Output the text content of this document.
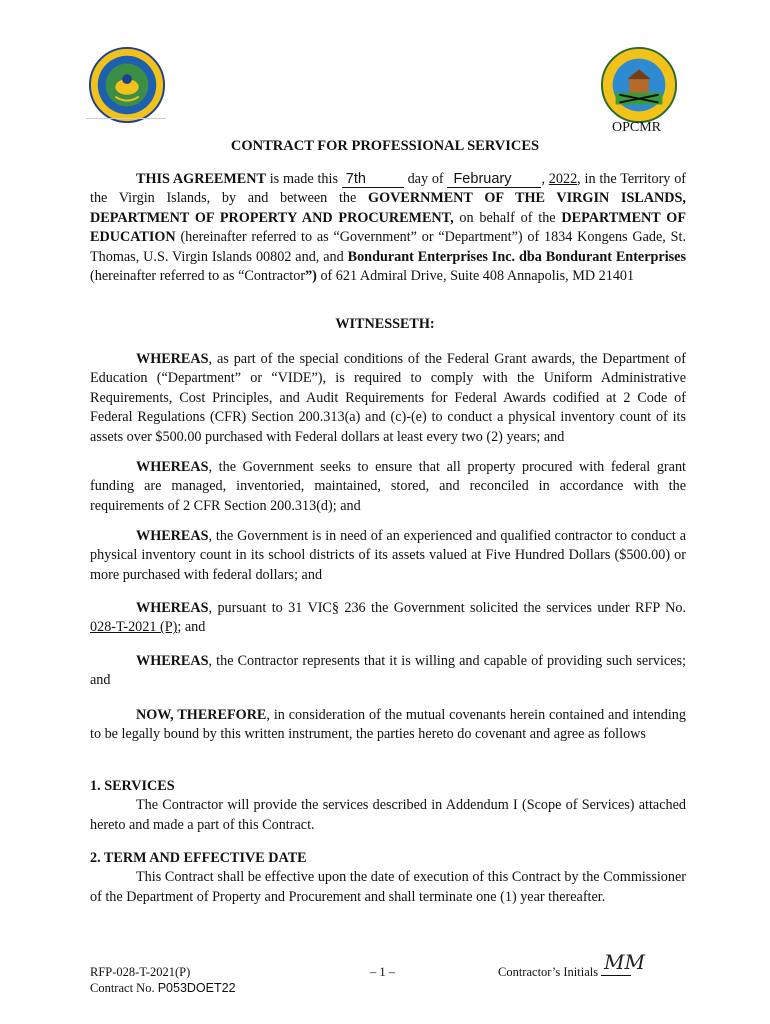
OPCMR
CONTRACT FOR PROFESSIONAL SERVICES

THIS AGREEMENT is made this 7th	day of February , 2022, in the Territory of the Virgin Islands, by and between the GOVERNMENT OF THE VIRGIN ISLANDS, DEPARTMENT OF PROPERTY AND PROCUREMENT, on behalf of the DEPARTMENT OF EDUCATION (hereinafter referred to as “Government” or “Department”) of 1834 Kongens Gade, St. Thomas, U.S. Virgin Islands 00802 and, and Bondurant Enterprises Inc. dba Bondurant Enterprises (hereinafter referred to as “Contractor”) of 621 Admiral Drive, Suite 408 Annapolis, MD 21401

WITNESSETH:

WHEREAS, as part of the special conditions of the Federal Grant awards, the Department of Education (“Department” or “VIDE”), is required to comply with the Uniform Administrative Requirements, Cost Principles, and Audit Requirements for Federal Awards codified at 2 Code of Federal Regulations (CFR) Section 200.313(a) and (c)-(e) to conduct a physical inventory count of its assets over $500.00 purchased with Federal dollars at least every two (2) years; and

WHEREAS, the Government seeks to ensure that all property procured with federal grant funding are managed, inventoried, maintained, stored, and reconciled in accordance with the requirements of 2 CFR Section 200.313(d); and

WHEREAS, the Government is in need of an experienced and qualified contractor to conduct a physical inventory count in its school districts of its assets valued at Five Hundred Dollars ($500.00) or more purchased with federal dollars; and

WHEREAS, pursuant to 31 VIC§ 236 the Government solicited the services under RFP No. 028-T-2021 (P); and

WHEREAS, the Contractor represents that it is willing and capable of providing such services; and

NOW, THEREFORE, in consideration of the mutual covenants herein contained and intending to be legally bound by this written instrument, the parties hereto do covenant and agree as follows

1. SERVICES

The Contractor will provide the services described in Addendum I (Scope of Services) attached hereto and made a part of this Contract.

2. TERM AND EFFECTIVE DATE

This Contract shall be effective upon the date of execution of this Contract by the Commissioner of the Department of Property and Procurement and shall terminate one (1) year thereafter.

RFP-028-T-2021(P)
Contract No. P053DOET22
– 1 –	Contractor’s Initials MM
